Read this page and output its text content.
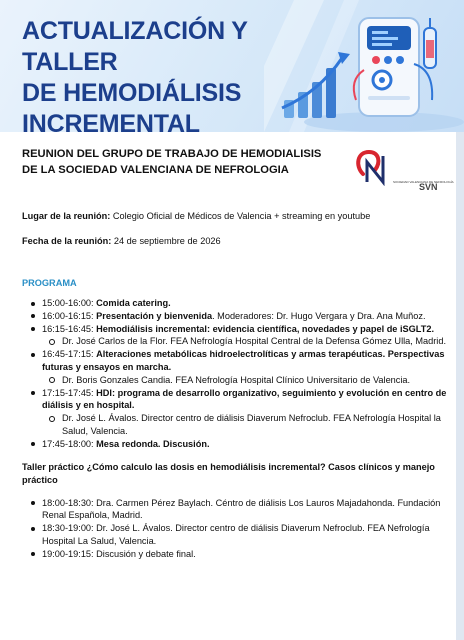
ACTUALIZACIÓN Y TALLER
DE HEMODIÁLISIS
INCREMENTAL
REUNION DEL GRUPO DE TRABAJO DE HEMODIALISIS DE LA SOCIEDAD VALENCIANA DE NEFROLOGIA
SOCIEDAD VALENCIANA DE NEFROLOGÍA
SVN
Lugar de la reunión: Colegio Oficial de Médicos de Valencia + streaming en youtube
Fecha de la reunión: 24 de septiembre de 2026
PROGRAMA
15:00-16:00: Comida catering.
16:00-16:15: Presentación y bienvenida. Moderadores: Dr. Hugo Vergara y Dra. Ana Muñoz.
16:15-16:45: Hemodiálisis incremental: evidencia científica, novedades y papel de iSGLT2.
Dr. José Carlos de la Flor. FEA Nefrología Hospital Central de la Defensa Gómez Ulla, Madrid.
16:45-17:15: Alteraciones metabólicas hidroelectrolíticas y armas terapéuticas. Perspectivas futuras y ensayos en marcha.
Dr. Boris Gonzales Candia. FEA Nefrología Hospital Clínico Universitario de Valencia.
17:15-17:45: HDI: programa de desarrollo organizativo, seguimiento y evolución en centro de diálisis y en hospital.
Dr. José L. Ávalos. Director centro de diálisis Diaverum Nefroclub. FEA Nefrología Hospital la Salud, Valencia.
17:45-18:00: Mesa redonda. Discusión.
Taller práctico ¿Cómo calculo las dosis en hemodiálisis incremental? Casos clínicos y manejo práctico
18:00-18:30: Dra. Carmen Pérez Baylach. Céntro de diálisis Los Lauros Majadahonda. Fundación Renal Española, Madrid.
18:30-19:00: Dr. José L. Ávalos. Director centro de diálisis Diaverum Nefroclub. FEA Nefrología Hospital La Salud, Valencia.
19:00-19:15: Discusión y debate final.
